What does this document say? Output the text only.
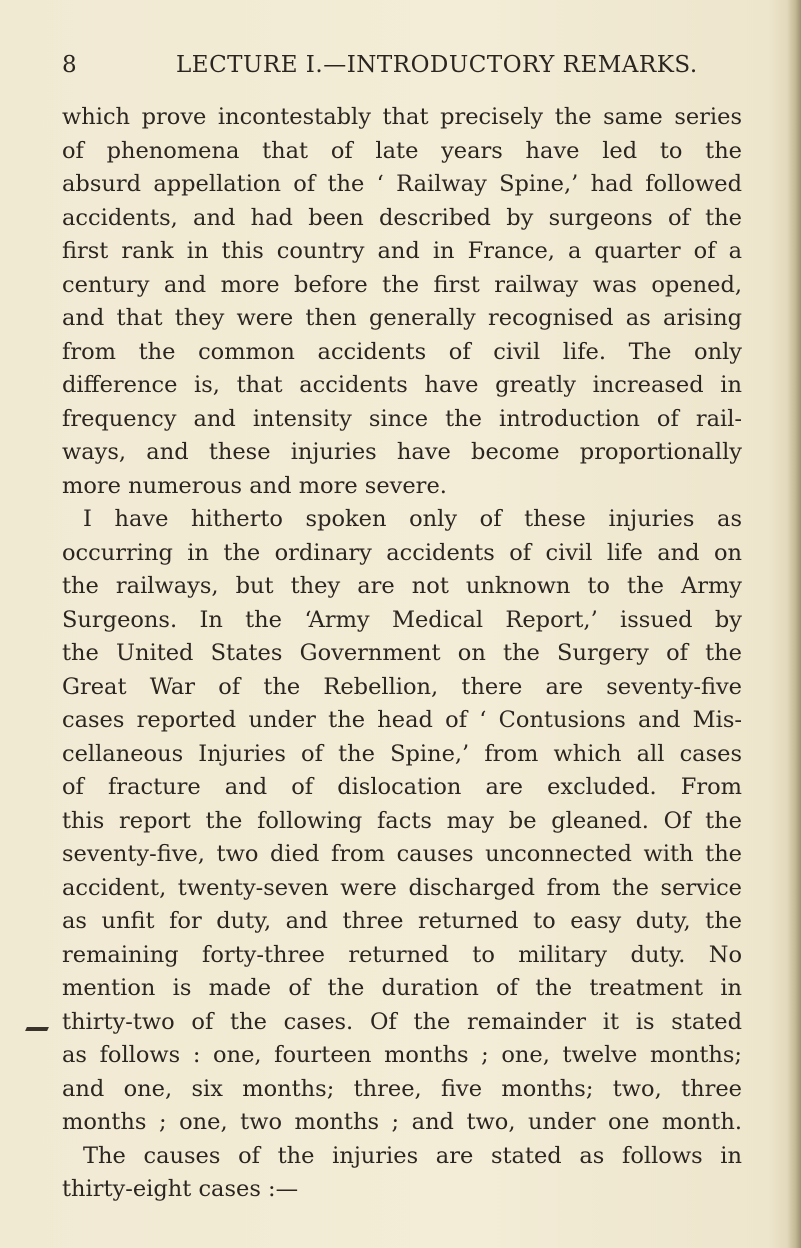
8	LECTURE I.—INTRODUCTORY REMARKS.
which prove incontestably that precisely the same series
of phenomena that of late years have led to the
absurd appellation of the ‘ Railway Spine,’ had followed
accidents, and had been described by surgeons of the
first rank in this country and in France, a quarter of a
century and more before the first railway was opened,
and that they were then generally recognised as arising
from the common accidents of civil life. The only
difference is, that accidents have greatly increased in
frequency and intensity since the introduction of rail-
ways, and these injuries have become proportionally
more numerous and more severe.
I have hitherto spoken only of these injuries as
occurring in the ordinary accidents of civil life and on
the railways, but they are not unknown to the Army
Surgeons. In the ‘Army Medical Report,’ issued by
the United States Government on the Surgery of the
Great War of the Rebellion, there are seventy-five
cases reported under the head of ‘ Contusions and Mis-
cellaneous Injuries of the Spine,’ from which all cases
of fracture and of dislocation are excluded. From
this report the following facts may be gleaned. Of the
seventy-five, two died from causes unconnected with the
accident, twenty-seven were discharged from the service
as unfit for duty, and three returned to easy duty, the
remaining forty-three returned to military duty. No
mention is made of the duration of the treatment in
thirty-two of the cases. Of the remainder it is stated
as follows : one, fourteen months ; one, twelve months;
and one, six months; three, five months; two, three
months ; one, two months ; and two, under one month.
The causes of the injuries are stated as follows in
thirty-eight cases :—
